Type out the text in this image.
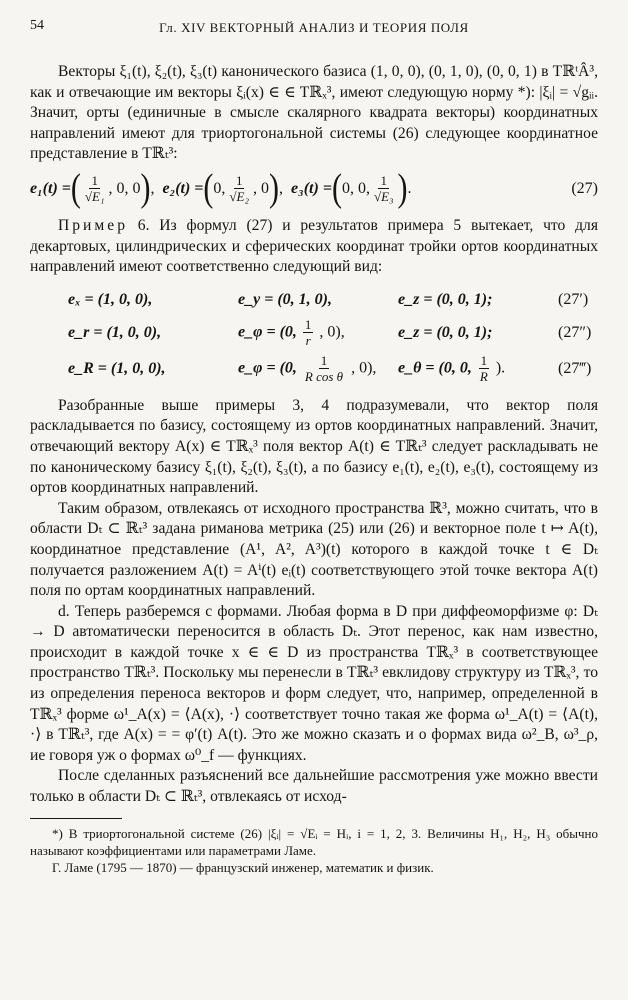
54	Гл. XIV ВЕКТОРНЫЙ АНАЛИЗ И ТЕОРИЯ ПОЛЯ

Векторы ξ₁(t), ξ₂(t), ξ₃(t) канонического базиса (1, 0, 0), (0, 1, 0), (0, 0, 1) в TℝᵗÂ³, как и отвечающие им векторы ξᵢ(x) ∈ ∈ Tℝₓ³, имеют следующую норму *): |ξᵢ| = √gᵢᵢ. Значит, орты (единичные в смысле скалярного квадрата векторы) координатных направлений имеют для триортогональной системы (26) следующее координатное представление в Tℝₜ³:

e₁(t) = ( $\frac{1}{\text{√E₁}}$ , 0 , 0 ) , e₂(t) = ( 0 , $\frac{1}{\text{√E₂}}$ , 0 ) , e₃(t) = ( 0 , 0 , $\frac{1}{\text{√E₃}}$ ) .	(27)

Пример 6. Из формул (27) и результатов примера 5 вытекает, что для декартовых, цилиндрических и сферических координат тройки ортов координатных направлений имеют соответственно следующий вид:

eₓ = (1, 0, 0),	e_y = (0, 1, 0),	e_z = (0, 0, 1);	(27′)
e_r = (1, 0, 0),	e_φ = (0, $\frac{1}{r}$ , 0),	e_z = (0, 0, 1);	(27″)
e_R = (1, 0, 0),	e_φ = (0, $\frac{1}{\text{R cos θ}}$ , 0),	e_θ = (0, 0, $\frac{1}{R}$ ).	(27‴)

Разобранные выше примеры 3, 4 подразумевали, что вектор поля раскладывается по базису, состоящему из ортов координатных направлений. Значит, отвечающий вектору A(x) ∈ Tℝₓ³ поля вектор A(t) ∈ Tℝₜ³ следует раскладывать не по каноническому базису ξ₁(t), ξ₂(t), ξ₃(t), а по базису e₁(t), e₂(t), e₃(t), состоящему из ортов координатных направлений.

Таким образом, отвлекаясь от исходного пространства ℝ³, можно считать, что в области Dₜ ⊂ ℝₜ³ задана риманова метрика (25) или (26) и векторное поле t ↦ A(t), координатное представление (A¹, A², A³)(t) которого в каждой точке t ∈ Dₜ получается разложением A(t) = Aⁱ(t) eᵢ(t) соответствующего этой точке вектора A(t) поля по ортам координатных направлений.

d. Теперь разберемся с формами. Любая форма в D при диффеоморфизме φ: Dₜ → D автоматически переносится в область Dₜ. Этот перенос, как нам известно, происходит в каждой точке x ∈ ∈ D из пространства Tℝₓ³ в соответствующее пространство Tℝₜ³. Поскольку мы перенесли в Tℝₜ³ евклидову структуру из Tℝₓ³, то из определения переноса векторов и форм следует, что, например, определенной в Tℝₓ³ форме ω¹_A(x) = ⟨A(x), ·⟩ соответствует точно такая же форма ω¹_A(t) = ⟨A(t), ·⟩ в Tℝₜ³, где A(x) = = φ′(t) A(t). Это же можно сказать и о формах вида ω²_B, ω³_ρ, ие говоря уж о формах ω⁰_f — функциях.

После сделанных разъяснений все дальнейшие рассмотрения уже можно ввести только в области Dₜ ⊂ ℝₜ³, отвлекаясь от исход-

*) В триортогональной системе (26) |ξᵢ| = √Eᵢ = Hᵢ, i = 1, 2, 3. Величины H₁, H₂, H₃ обычно называют коэффициентами или параметрами Ламе.
Г. Ламе (1795 — 1870) — французский инженер, математик и физик.
